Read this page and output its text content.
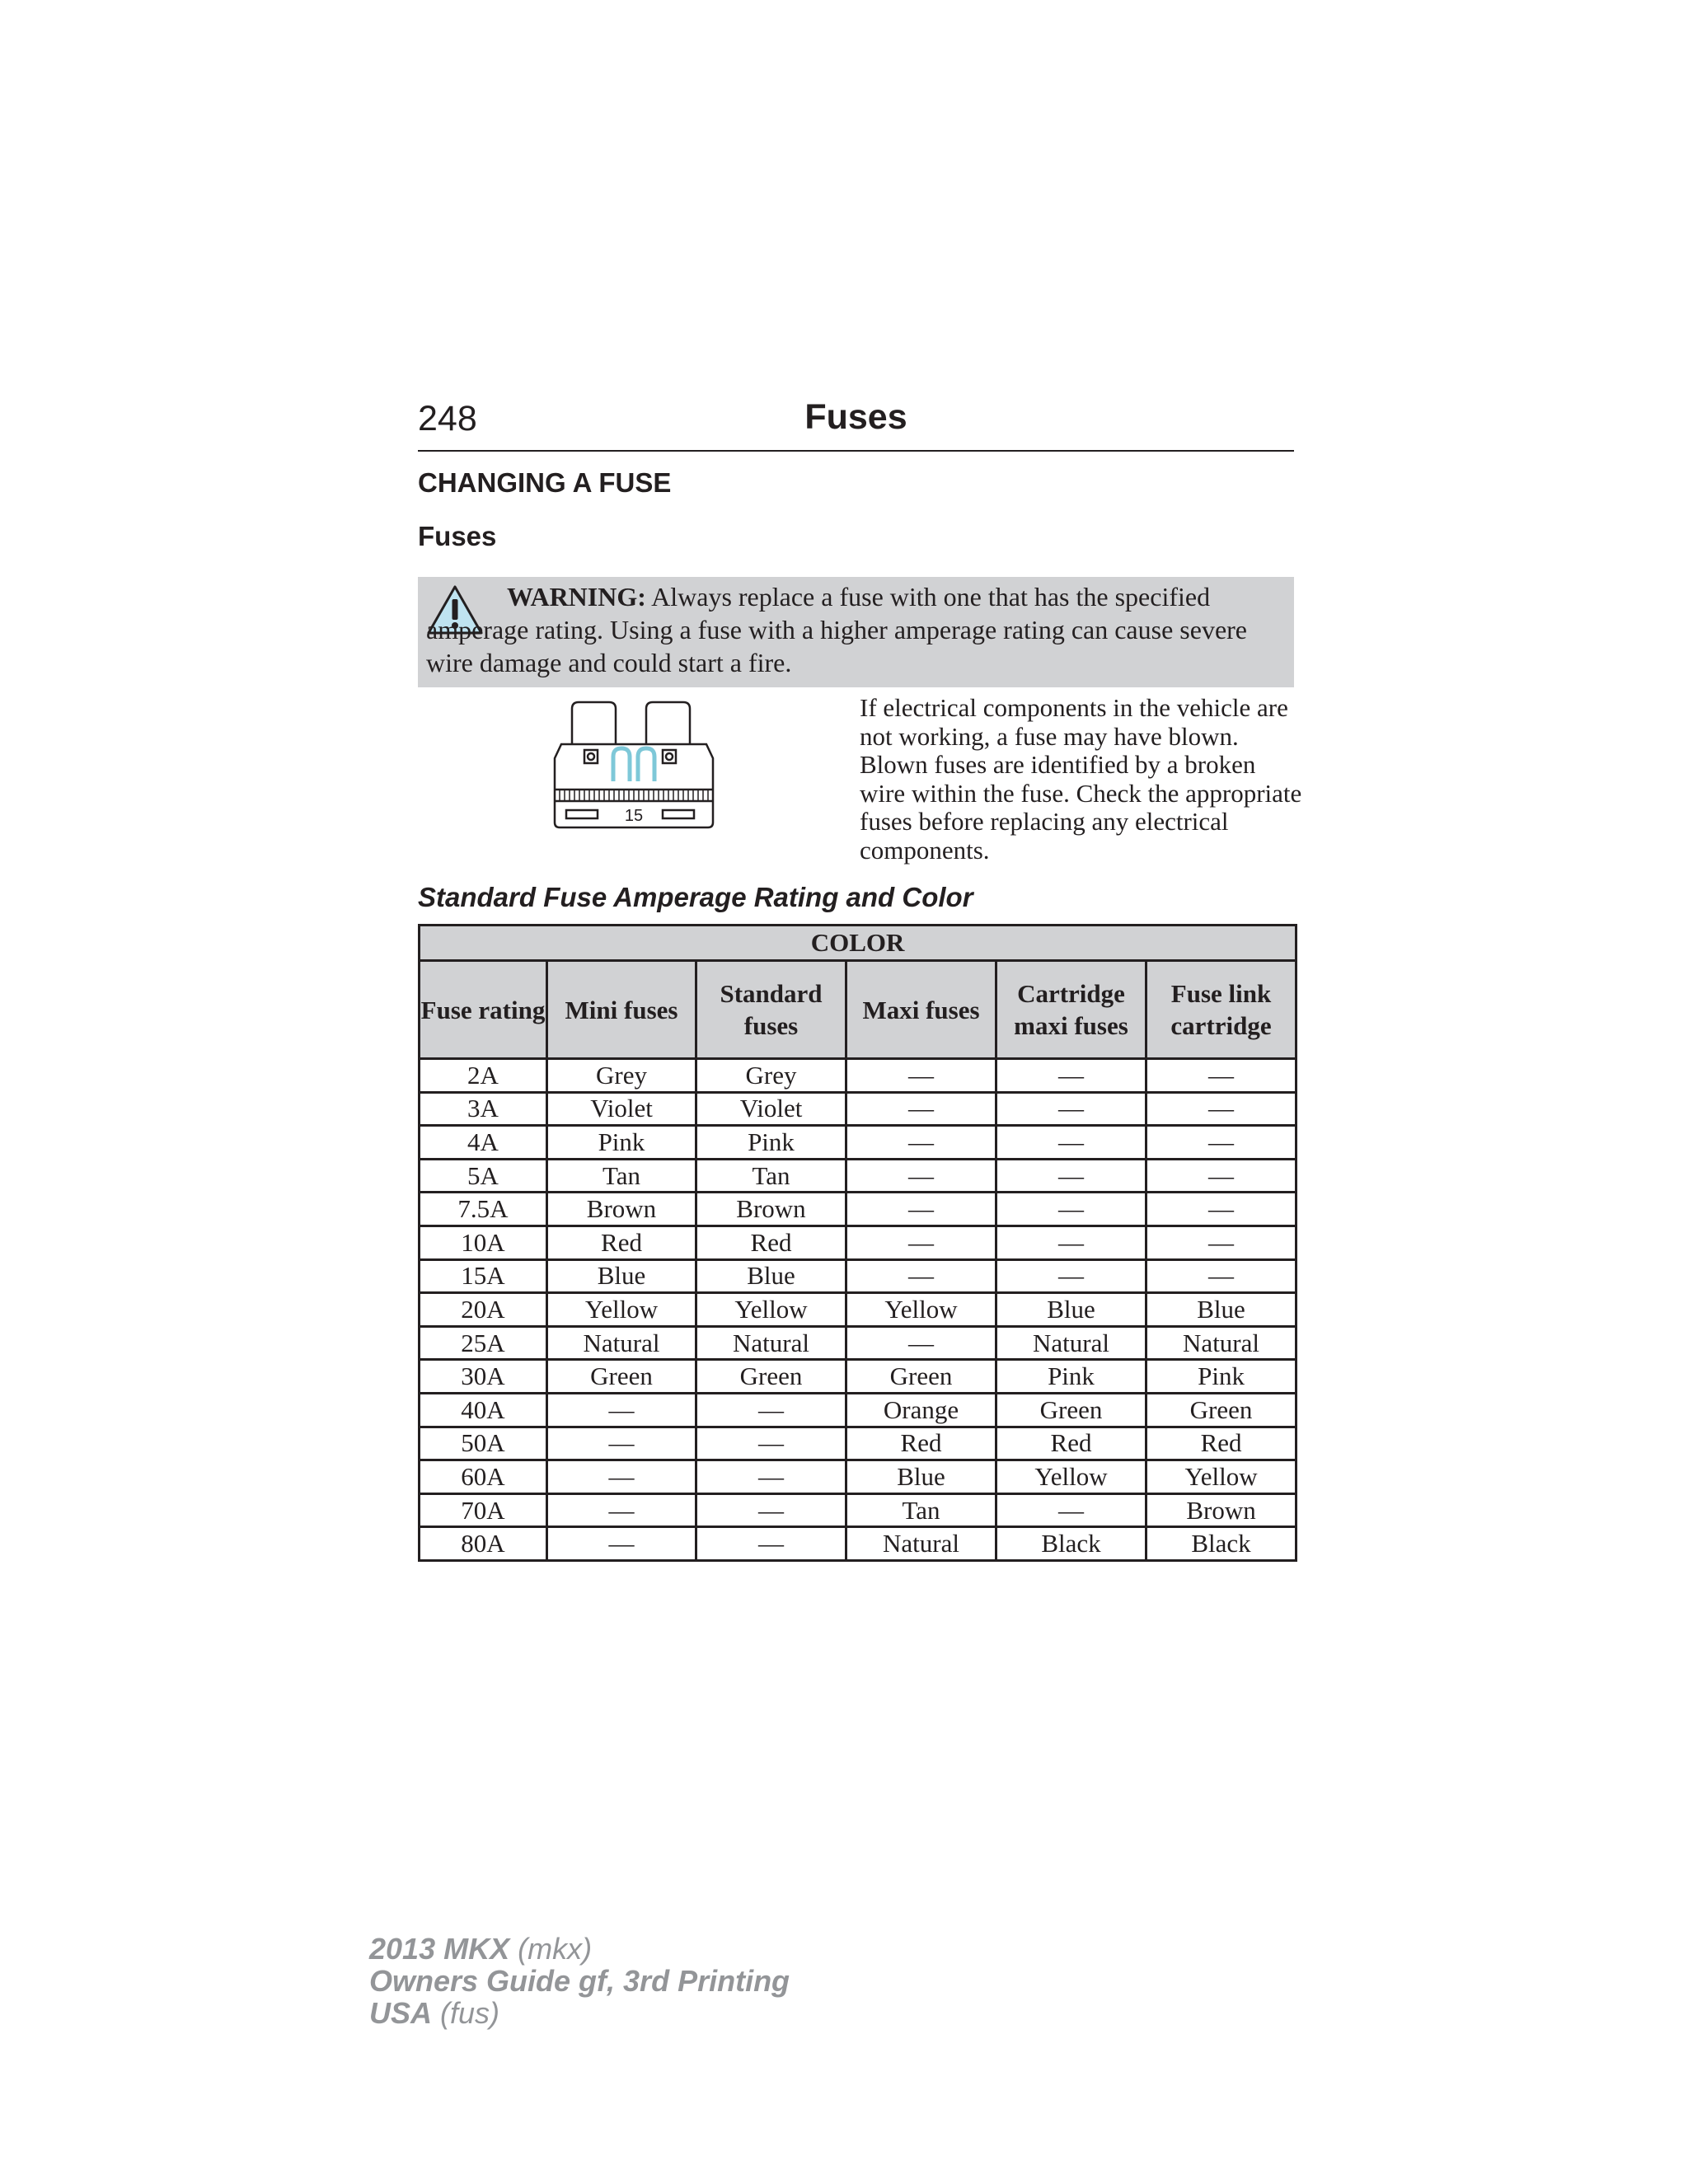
248	Fuses
CHANGING A FUSE
Fuses
WARNING: Always replace a fuse with one that has the specified amperage rating. Using a fuse with a higher amperage rating can cause severe wire damage and could start a fire.
15
If electrical components in the vehicle are not working, a fuse may have blown. Blown fuses are identified by a broken wire within the fuse. Check the appropriate fuses before replacing any electrical components.
Standard Fuse Amperage Rating and Color
COLOR					
Fuse rating	Mini fuses	Standard fuses	Maxi fuses	Cartridge maxi fuses	Fuse link cartridge
2A	Grey	Grey	—	—	—
3A	Violet	Violet	—	—	—
4A	Pink	Pink	—	—	—
5A	Tan	Tan	—	—	—
7.5A	Brown	Brown	—	—	—
10A	Red	Red	—	—	—
15A	Blue	Blue	—	—	—
20A	Yellow	Yellow	Yellow	Blue	Blue
25A	Natural	Natural	—	Natural	Natural
30A	Green	Green	Green	Pink	Pink
40A	—	—	Orange	Green	Green
50A	—	—	Red	Red	Red
60A	—	—	Blue	Yellow	Yellow
70A	—	—	Tan	—	Brown
80A	—	—	Natural	Black	Black
2013 MKX (mkx)
Owners Guide gf, 3rd Printing
USA (fus)
